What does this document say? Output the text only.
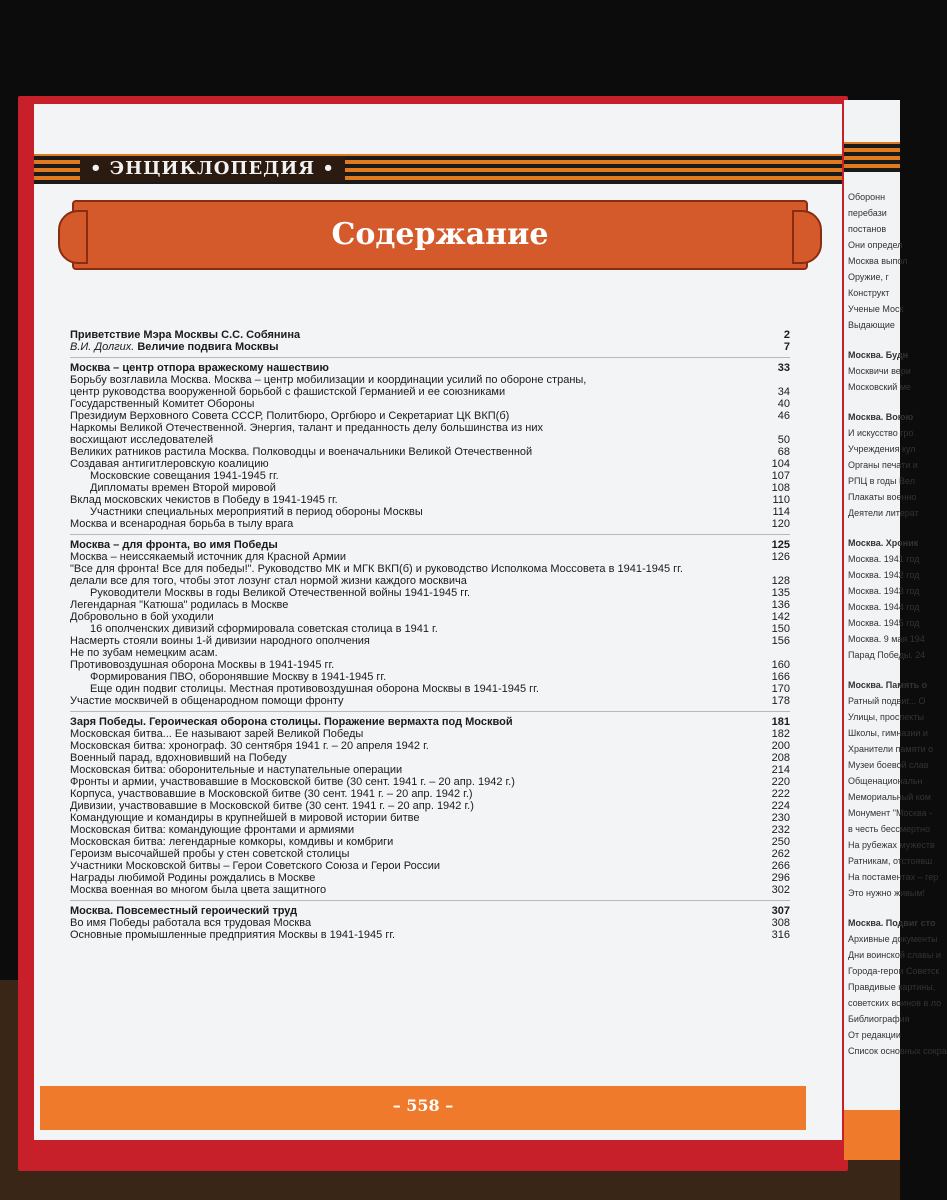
• ЭНЦИКЛОПЕДИЯ •
Содержание
Приветствие Мэра Москвы С.С. Собянина	2
В.И. Долгих. Величие подвига Москвы	7
Москва – центр отпора вражескому нашествию	33
Борьбу возглавила Москва. Москва – центр мобилизации и координации усилий по обороне страны,
центр руководства вооруженной борьбой с фашистской Германией и ее союзниками	34
Государственный Комитет Обороны	40
Президиум Верховного Совета СССР, Политбюро, Оргбюро и Секретариат ЦК ВКП(б)	46
Наркомы Великой Отечественной. Энергия, талант и преданность делу большинства из них
восхищают исследователей	50
Великих ратников растила Москва. Полководцы и военачальники Великой Отечественной	68
Создавая антигитлеровскую коалицию	104
Московские совещания 1941-1945 гг.	107
Дипломаты времен Второй мировой	108
Вклад московских чекистов в Победу в 1941-1945 гг.	110
Участники специальных мероприятий в период обороны Москвы	114
Москва и всенародная борьба в тылу врага	120
Москва – для фронта, во имя Победы	125
Москва – неиссякаемый источник для Красной Армии	126
"Все для фронта! Все для победы!". Руководство МК и МГК ВКП(б) и руководство Исполкома Моссовета в 1941-1945 гг.
делали все для того, чтобы этот лозунг стал нормой жизни каждого москвича	128
Руководители Москвы в годы Великой Отечественной войны 1941-1945 гг.	135
Легендарная "Катюша" родилась в Москве	136
Добровольно в бой уходили	142
16 ополченских дивизий сформировала советская столица в 1941 г.	150
Насмерть стояли воины 1-й дивизии народного ополчения	156
Не по зубам немецким асам.
Противовоздушная оборона Москвы в 1941-1945 гг.	160
Формирования ПВО, оборонявшие Москву в 1941-1945 гг.	166
Еще один подвиг столицы. Местная противовоздушная оборона Москвы в 1941-1945 гг.	170
Участие москвичей в общенародном помощи фронту	178
Заря Победы. Героическая оборона столицы. Поражение вермахта под Москвой	181
Московская битва... Ее называют зарей Великой Победы	182
Московская битва: хронограф. 30 сентября 1941 г. – 20 апреля 1942 г.	200
Военный парад, вдохновивший на Победу	208
Московская битва: оборонительные и наступательные операции	214
Фронты и армии, участвовавшие в Московской битве (30 сент. 1941 г. – 20 апр. 1942 г.)	220
Корпуса, участвовавшие в Московской битве (30 сент. 1941 г. – 20 апр. 1942 г.)	222
Дивизии, участвовавшие в Московской битве (30 сент. 1941 г. – 20 апр. 1942 г.)	224
Командующие и командиры в крупнейшей в мировой истории битве	230
Московская битва: командующие фронтами и армиями	232
Московская битва: легендарные комкоры, комдивы и комбриги	250
Героизм высочайшей пробы у стен советской столицы	262
Участники Московской битвы – Герои Советского Союза и Герои России	266
Награды любимой Родины рождались в Москве	296
Москва военная во многом была цвета защитного	302
Москва. Повсеместный героический труд	307
Во имя Победы работала вся трудовая Москва	308
Основные промышленные предприятия Москвы в 1941-1945 гг.	316
– 558 –
Оборонн
перебази
постанов
Они определ
Москва выпол
Оружие, г
Конструкт
Ученые Моск
Выдающие
Москва. Будн
Москвичи вери
Московский ме
Москва. Воюю
И искусство гро
Учреждения кул
Органы печати и
РПЦ в годы Вел
Плакаты военно
Деятели литерат
Москва. Хроник
Москва. 1941 год
Москва. 1942 год
Москва. 1943 год
Москва. 1944 год
Москва. 1945 год
Москва. 9 мая 194
Парад Победы. 24
Москва. Память о
Ратный подвиг... О
Улицы, проспекты
Школы, гимназии и
Хранители памяти о
Музеи боевой слав
Общенациональн
Мемориальный ком
Монумент "Москва -
в честь бессмертно
На рубежах мужеств
Ратникам, отстоявш
На постаментах – гер
Это нужно живым!
Москва. Подвиг сто
Архивные документы
Дни воинской славы и
Города-герои Советск
Правдивые картины,
советских воинов в ло
Библиография
От редакции
Список основных сокра
